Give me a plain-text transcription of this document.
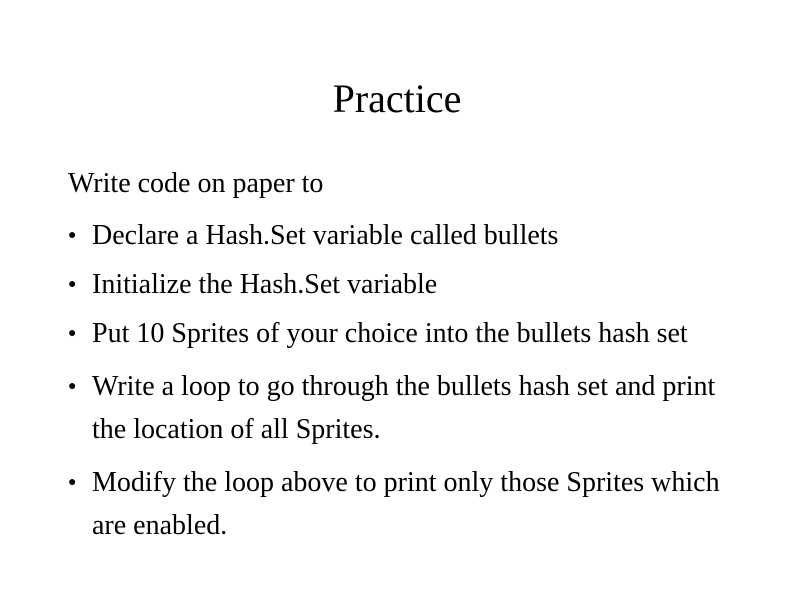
Practice

Write code on paper to

● Declare a Hash.Set variable called bullets
● Initialize the Hash.Set variable
● Put 10 Sprites of your choice into the bullets hash set
● Write a loop to go through the bullets hash set and print the location of all Sprites.
● Modify the loop above to print only those Sprites which are enabled.
